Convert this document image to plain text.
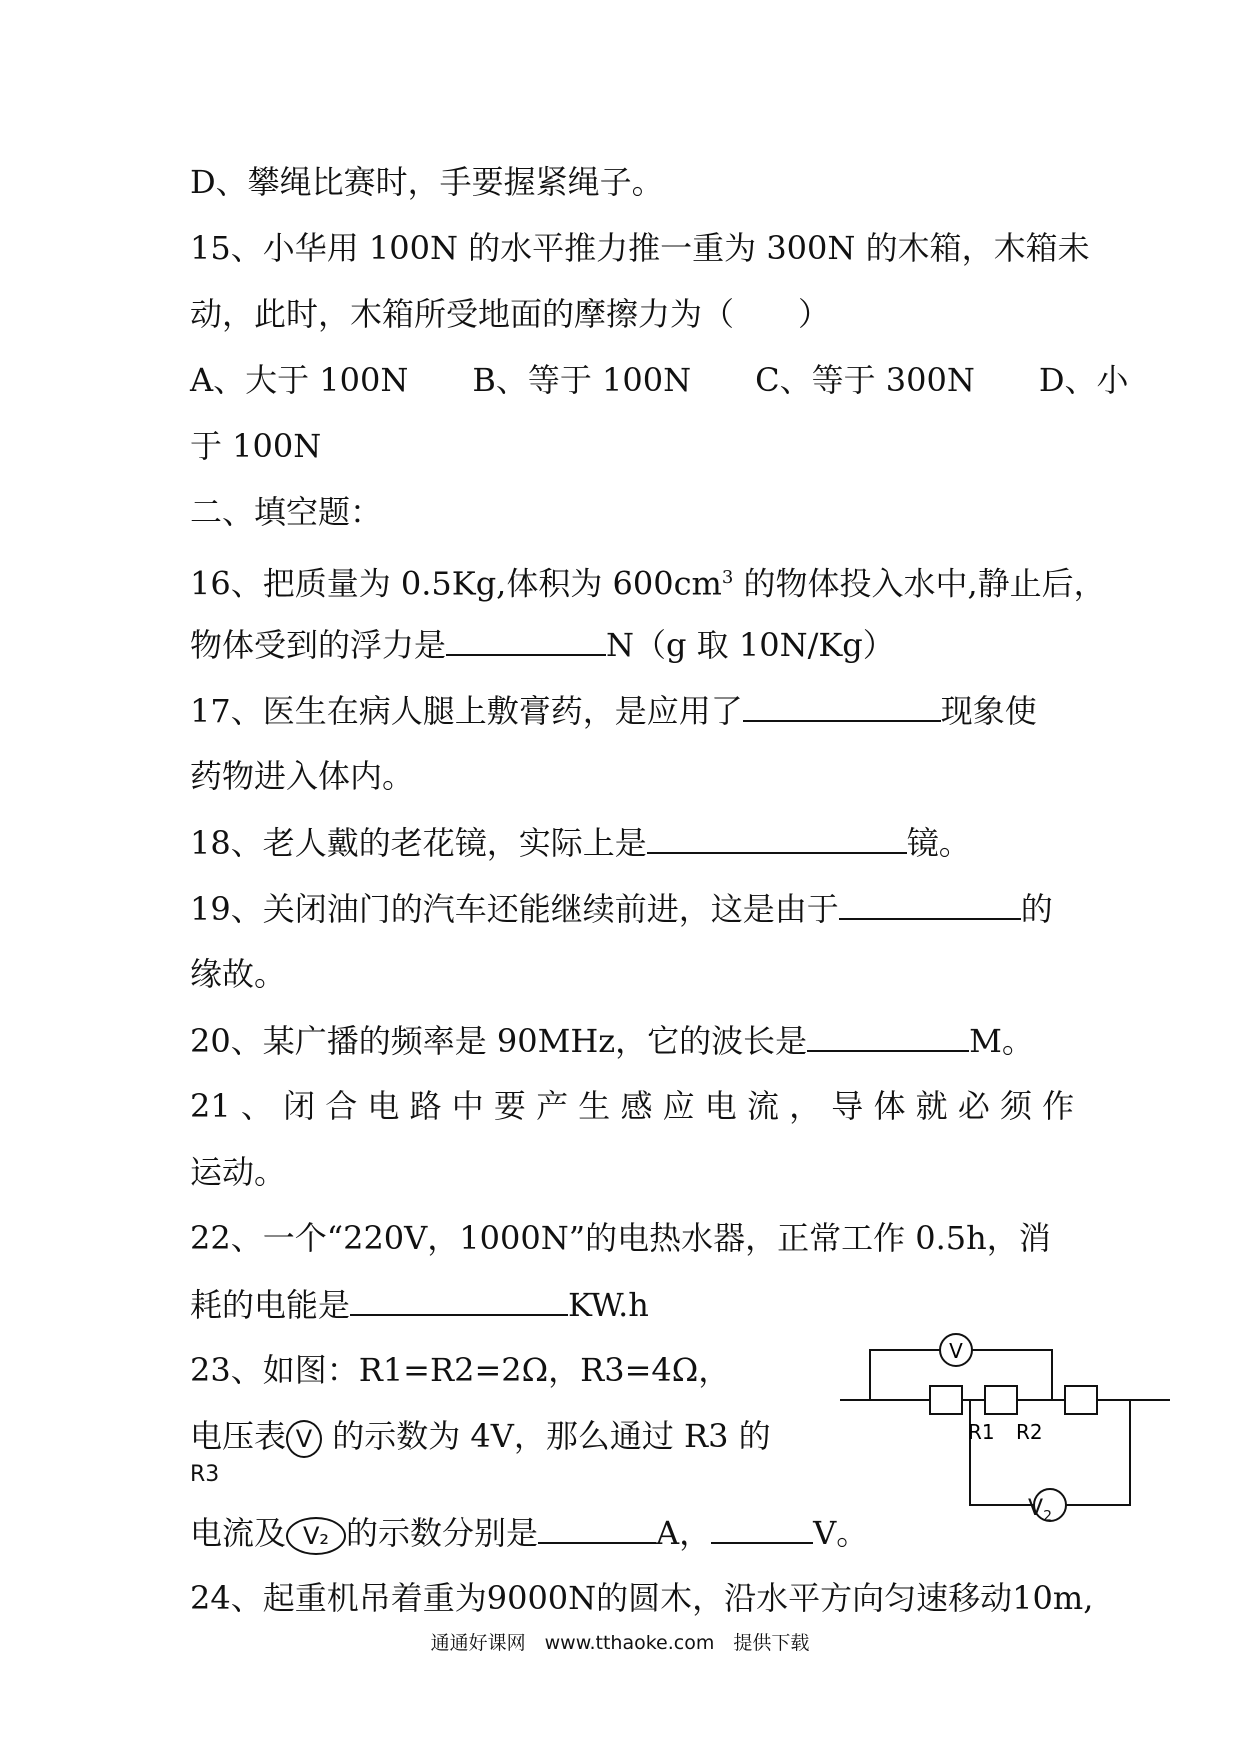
D、攀绳比赛时，手要握紧绳子。
15、小华用 100N 的水平推力推一重为 300N 的木箱，木箱未
动，此时，木箱所受地面的摩擦力为（　　）
A、大于 100N　　B、等于 100N　　C、等于 300N　　D、小
于 100N
二、填空题：
16、把质量为 0.5Kg,体积为 $600cm^3$ 的物体投入水中,静止后，
物体受到的浮力是	N（g 取 10N/Kg）
17、医生在病人腿上敷膏药，是应用了	现象使
药物进入体内。
18、老人戴的老花镜，实际上是	镜。
19、关闭油门的汽车还能继续前进，这是由于	的
缘故。
20、某广播的频率是 90MHz，它的波长是	M。
21 、 闭 合 电 路 中 要 产 生 感 应 电 流 ， 导 体 就 必 须 作
运动。
22、一个“220V，1000N”的电热水器，正常工作 0.5h，消
耗的电能是	KW.h
23、如图：R1=R2=2Ω，R3=4Ω，
电压表 V 的示数为 4V，那么通过 R3 的
R3
电流及 V₂ 的示数分别是	A，	V。
24、起重机吊着重为9000N的圆木，沿水平方向匀速移动10m,
V
R1 R2
$V_2$
通通好课网　www.tthaoke.com　提供下载
